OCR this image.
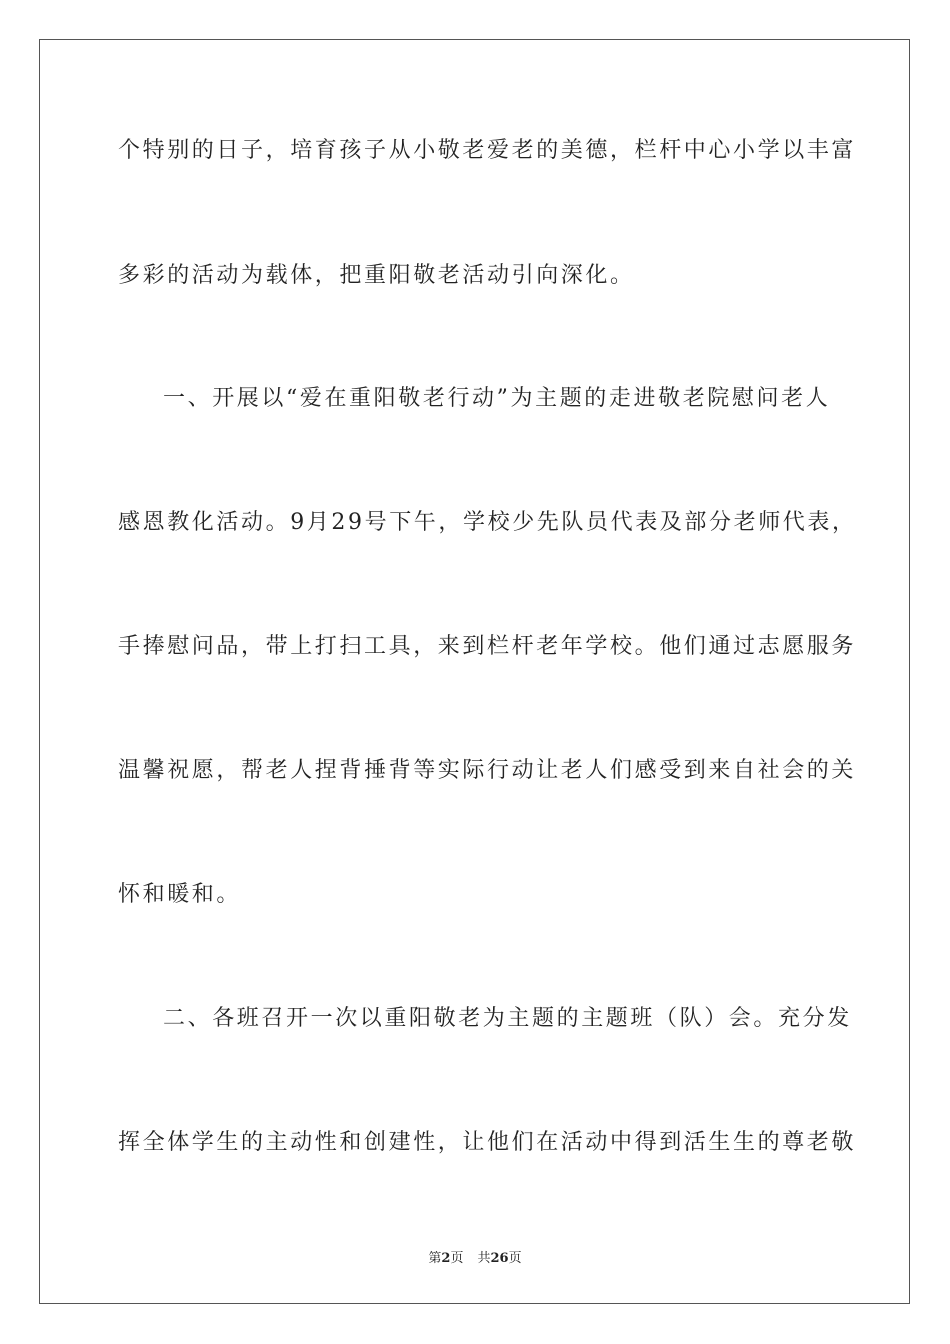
个特别的日子，培育孩子从小敬老爱老的美德，栏杆中心小学以丰富
多彩的活动为载体，把重阳敬老活动引向深化。
一、开展以“爱在重阳敬老行动”为主题的走进敬老院慰问老人
感恩教化活动。9月29号下午，学校少先队员代表及部分老师代表，
手捧慰问品，带上打扫工具，来到栏杆老年学校。他们通过志愿服务
温馨祝愿，帮老人捏背捶背等实际行动让老人们感受到来自社会的关
怀和暖和。
二、各班召开一次以重阳敬老为主题的主题班（队）会。充分发
挥全体学生的主动性和创建性，让他们在活动中得到活生生的尊老敬
第2页 共26页
